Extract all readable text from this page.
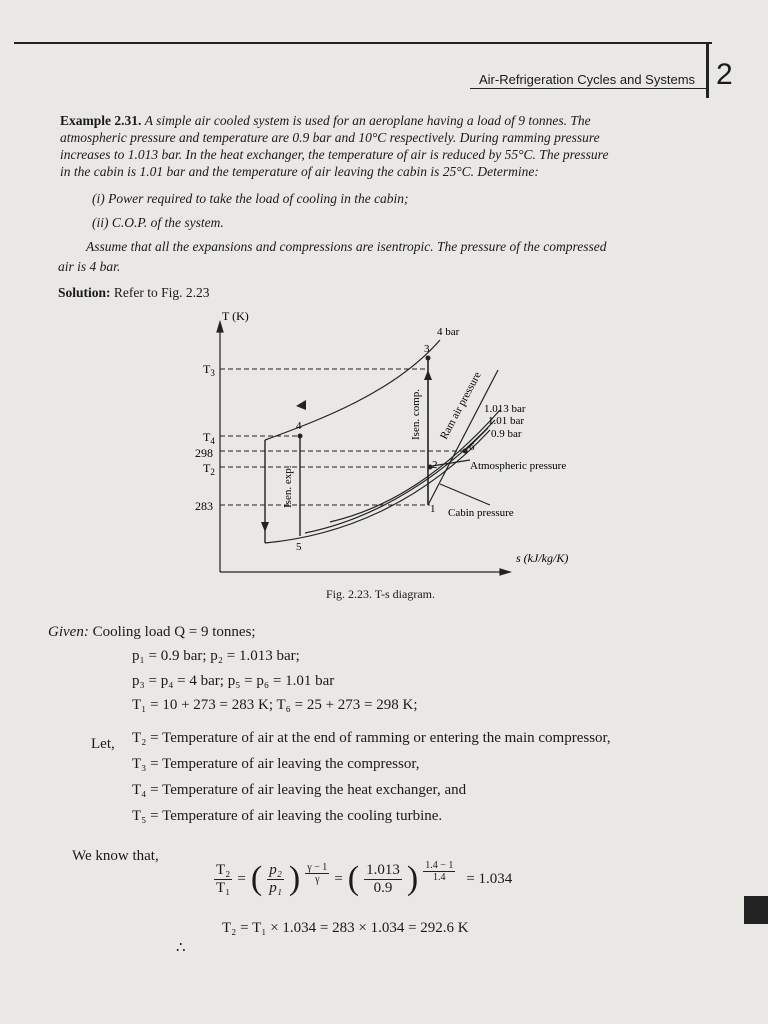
Air-Refrigeration Cycles and Systems 2
Example 2.31. A simple air cooled system is used for an aeroplane having a load of 9 tonnes. The
atmospheric pressure and temperature are 0.9 bar and 10°C respectively. During ramming pressure
increases to 1.013 bar. In the heat exchanger, the temperature of air is reduced by 55°C. The pressure
in the cabin is 1.01 bar and the temperature of air leaving the cabin is 25°C. Determine:
(i) Power required to take the load of cooling in the cabin;
(ii) C.O.P. of the system.
Assume that all the expansions and compressions are isentropic. The pressure of the compressed
air is 4 bar.
Solution: Refer to Fig. 2.23
T (K)
s (kJ/kg/K)
$T_3$
$T_4$
298
$T_2$
283
3
4
2
1
5
6
4 bar
Isen. comp.
Isen. exp.
Ram air pressure 1.013 bar
1.01 bar
0.9 bar
Atmospheric pressure
Cabin pressure
Fig. 2.23. T-s diagram.
Given: Cooling load Q = 9 tonnes;
p₁ = 0.9 bar; p₂ = 1.013 bar;
p₃ = p₄ = 4 bar; p₅ = p₆ = 1.01 bar
T₁ = 10 + 273 = 283 K; T₆ = 25 + 273 = 298 K;
Let, T₂ = Temperature of air at the end of ramming or entering the main compressor,
T₃ = Temperature of air leaving the compressor,
T₄ = Temperature of air leaving the heat exchanger, and
T₅ = Temperature of air leaving the cooling turbine.
We know that,
$\frac{\text{T₂}}{\text{T₁}}$ = ( $\frac{\text{p₂}}{\text{p₁}}$ ) $\frac{\gamma - 1}{\gamma}$ = ( $\frac{1.013}{0.9}$ ) $\frac{1.4 - 1}{1.4} = 1.034$
∴
T₂ = T₁ × 1.034 = 283 × 1.034 = 292.6 K
